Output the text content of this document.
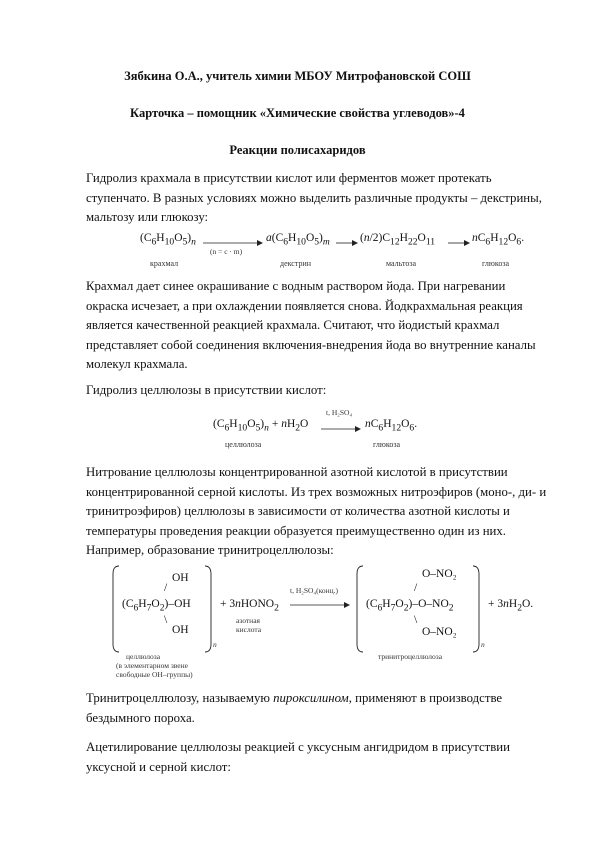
Зябкина О.А., учитель химии МБОУ Митрофановской СОШ
Карточка – помощник «Химические свойства углеводов»-4
Реакции полисахаридов
Гидролиз крахмала в присутствии кислот или ферментов может протекать ступенчато. В разных условиях можно выделить различные продукты – декстрины, мальтозу или глюкозу:
$(C_6H_{10}O_5)_n$ →
(n = c · m)
$a(C_6H_{10}O_5)_m \to (n/2)C_{12}H_{22}O_{11} \to nC_6H_{12}O_6$.
крахмал	декстрин	мальтоза	глюкоза
Крахмал дает синее окрашивание с водным раствором йода. При нагревании окраска исчезает, а при охлаждении появляется снова. Йодкрахмальная реакция является качественной реакцией крахмала. Считают, что йодистый крахмал представляет собой соединения включения-внедрения йода во внутренние каналы молекул крахмала.
Гидролиз целлюлозы в присутствии кислот:
$(C_6H_{10}O_5)_n + nH_2O$
t, H₂SO₄
→ $nC_6H_{12}O_6$.
целлюлоза	глюкоза
Нитрование целлюлозы концентрированной азотной кислотой в присутствии концентрированной серной кислоты. Из трех возможных нитроэфиров (моно-, ди- и тринитроэфиров) целлюлозы в зависимости от количества азотной кислоты и температуры проведения реакции образуется преимущественно один из них. Например, образование тринитроцеллюлозы:
OH
/
$(C_6H_7O_2)-OH$
\
OH
n
+ 3nHONO$_2$
азотная
кислота
t, H₂SO₄(конц.)
O–NO₂
/
$(C_6H_7O_2)-O-NO_2$
\
O–NO₂
n
+ $3nH_2O$.
целлюлоза
(в элементарном звене
свободные OH–группы)
тринитроцеллюлоза
Тринитроцеллюлозу, называемую пироксилином, применяют в производстве бездымного пороха.
Ацетилирование целлюлозы реакцией с уксусным ангидридом в присутствии уксусной и серной кислот:
